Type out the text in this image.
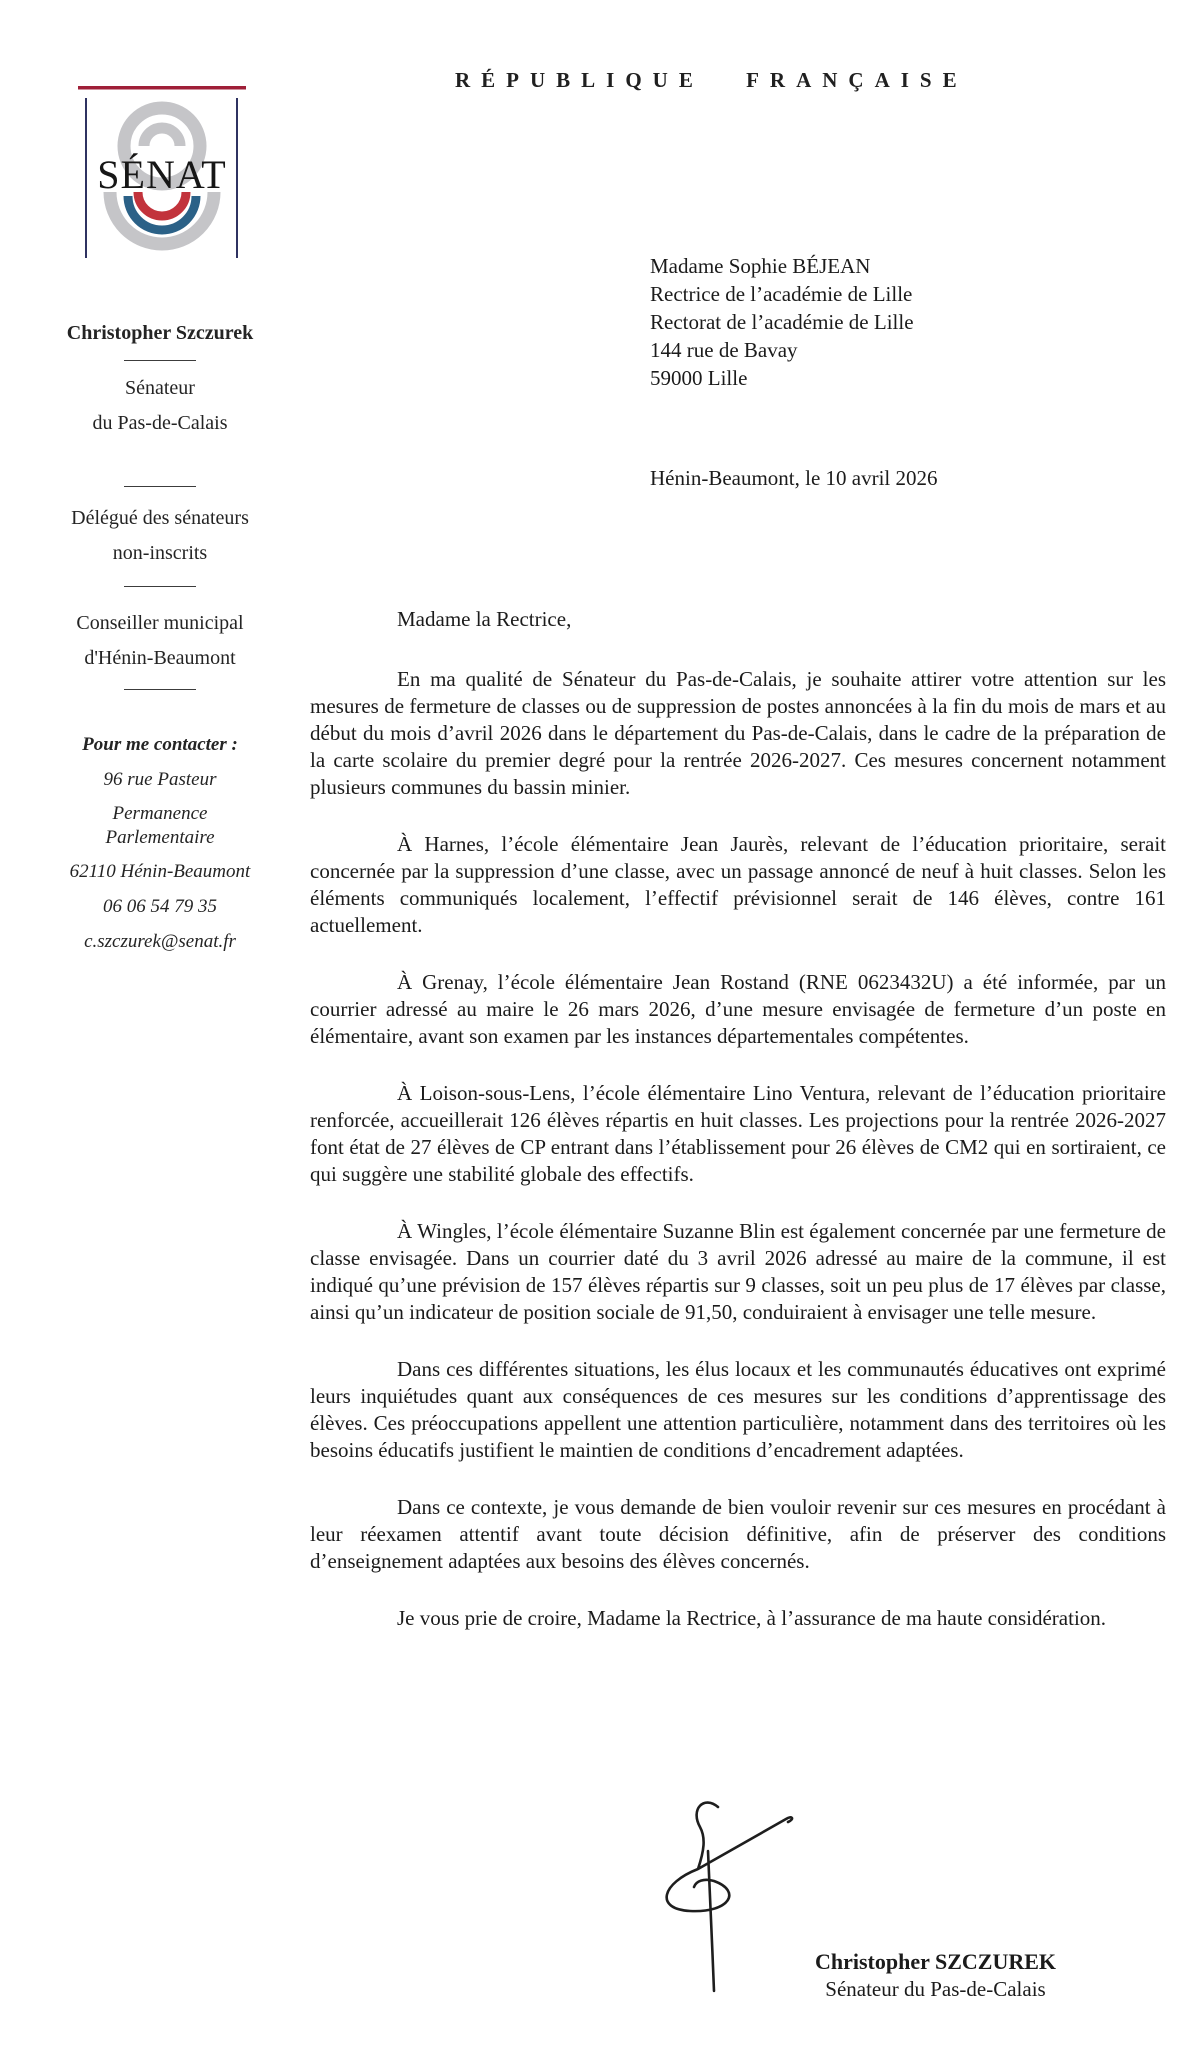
RÉPUBLIQUE FRANÇAISE
SÉNAT
Christopher Szczurek
Sénateur
du Pas-de-Calais
Délégué des sénateurs
non-inscrits
Conseiller municipal
d'Hénin-Beaumont
Pour me contacter :
96 rue Pasteur
Permanence Parlementaire
62110 Hénin-Beaumont
06 06 54 79 35
c.szczurek@senat.fr
Madame Sophie BÉJEAN
Rectrice de l’académie de Lille
Rectorat de l’académie de Lille
144 rue de Bavay
59000 Lille
Hénin-Beaumont, le 10 avril 2026
Madame la Rectrice,

En ma qualité de Sénateur du Pas-de-Calais, je souhaite attirer votre attention sur les mesures de fermeture de classes ou de suppression de postes annoncées à la fin du mois de mars et au début du mois d’avril 2026 dans le département du Pas-de-Calais, dans le cadre de la préparation de la carte scolaire du premier degré pour la rentrée 2026-2027. Ces mesures concernent notamment plusieurs communes du bassin minier.

À Harnes, l’école élémentaire Jean Jaurès, relevant de l’éducation prioritaire, serait concernée par la suppression d’une classe, avec un passage annoncé de neuf à huit classes. Selon les éléments communiqués localement, l’effectif prévisionnel serait de 146 élèves, contre 161 actuellement.

À Grenay, l’école élémentaire Jean Rostand (RNE 0623432U) a été informée, par un courrier adressé au maire le 26 mars 2026, d’une mesure envisagée de fermeture d’un poste en élémentaire, avant son examen par les instances départementales compétentes.

À Loison-sous-Lens, l’école élémentaire Lino Ventura, relevant de l’éducation prioritaire renforcée, accueillerait 126 élèves répartis en huit classes. Les projections pour la rentrée 2026-2027 font état de 27 élèves de CP entrant dans l’établissement pour 26 élèves de CM2 qui en sortiraient, ce qui suggère une stabilité globale des effectifs.

À Wingles, l’école élémentaire Suzanne Blin est également concernée par une fermeture de classe envisagée. Dans un courrier daté du 3 avril 2026 adressé au maire de la commune, il est indiqué qu’une prévision de 157 élèves répartis sur 9 classes, soit un peu plus de 17 élèves par classe, ainsi qu’un indicateur de position sociale de 91,50, conduiraient à envisager une telle mesure.

Dans ces différentes situations, les élus locaux et les communautés éducatives ont exprimé leurs inquiétudes quant aux conséquences de ces mesures sur les conditions d’apprentissage des élèves. Ces préoccupations appellent une attention particulière, notamment dans des territoires où les besoins éducatifs justifient le maintien de conditions d’encadrement adaptées.

Dans ce contexte, je vous demande de bien vouloir revenir sur ces mesures en procédant à leur réexamen attentif avant toute décision définitive, afin de préserver des conditions d’enseignement adaptées aux besoins des élèves concernés.

Je vous prie de croire, Madame la Rectrice, à l’assurance de ma haute considération.

Christopher SZCZUREK
Sénateur du Pas-de-Calais
